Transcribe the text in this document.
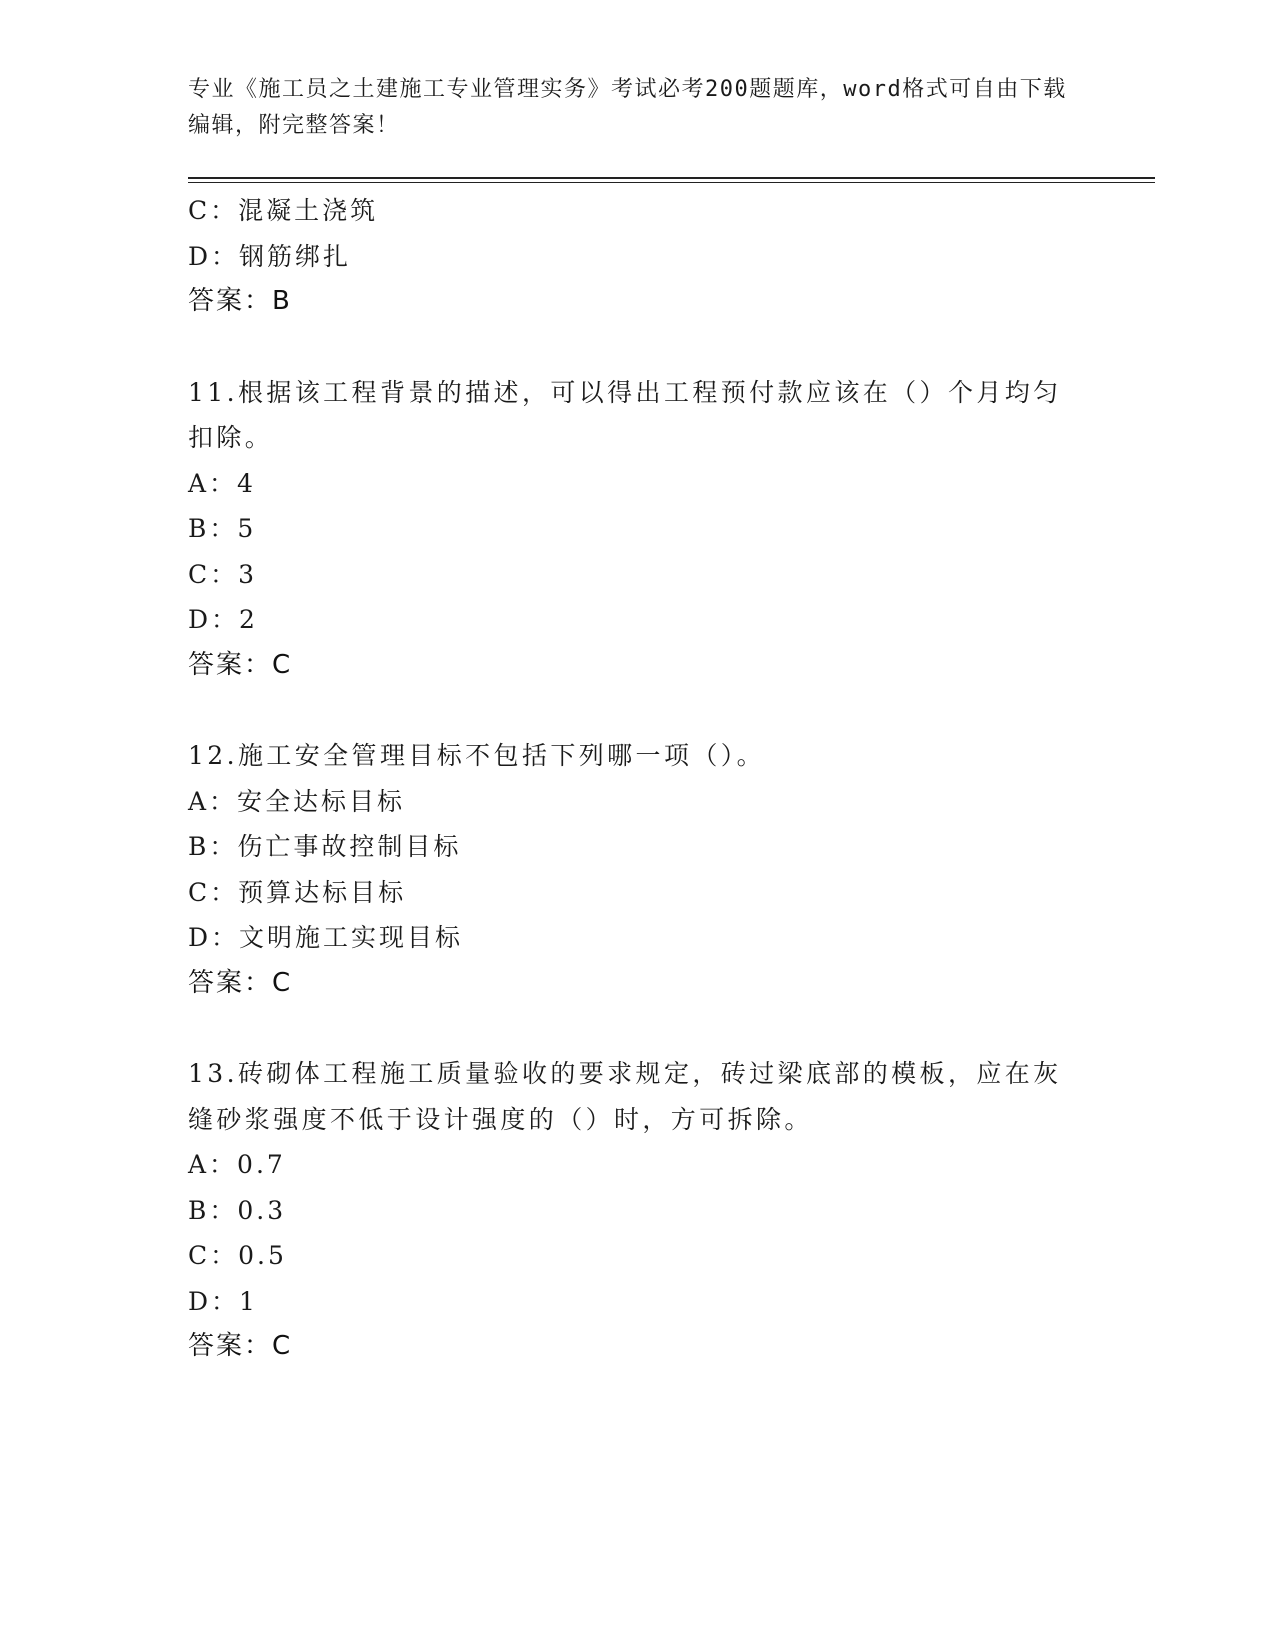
专业《施工员之土建施工专业管理实务》考试必考200题题库，word格式可自由下载编辑，附完整答案！
C：混凝土浇筑
D：钢筋绑扎
答案：B
11.根据该工程背景的描述，可以得出工程预付款应该在（）个月均匀扣除。
A：4
B：5
C：3
D：2
答案：C
12.施工安全管理目标不包括下列哪一项（）。
A：安全达标目标
B：伤亡事故控制目标
C：预算达标目标
D：文明施工实现目标
答案：C
13.砖砌体工程施工质量验收的要求规定，砖过梁底部的模板，应在灰缝砂浆强度不低于设计强度的（）时，方可拆除。
A：0.7
B：0.3
C：0.5
D：1
答案：C
